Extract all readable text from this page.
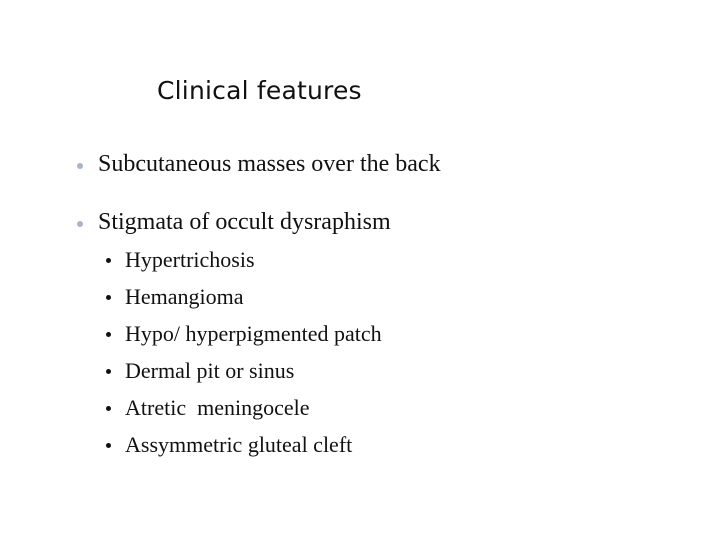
Clinical features
Subcutaneous masses over the back
Stigmata of occult dysraphism
Hypertrichosis
Hemangioma
Hypo/ hyperpigmented patch
Dermal pit or sinus
Atretic  meningocele
Assymmetric gluteal cleft
